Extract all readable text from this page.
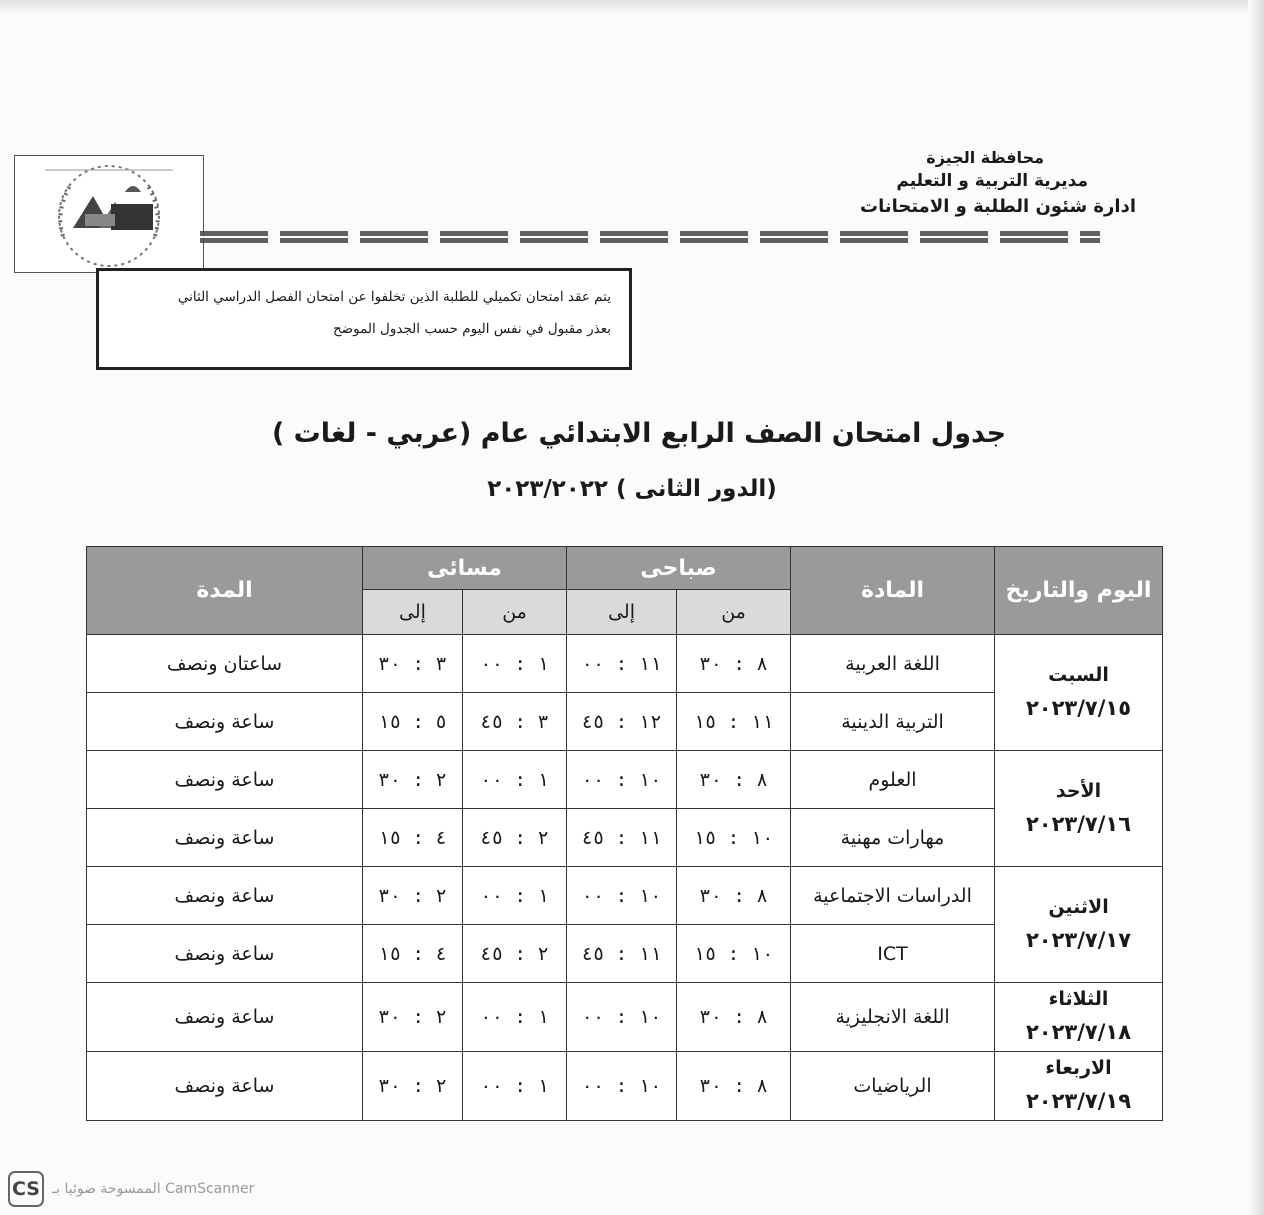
محافظة الجيزة
مديرية التربية و التعليم
ادارة شئون الطلبة و الامتحانات
يتم عقد امتحان تكميلي للطلبة الذين تخلفوا عن امتحان الفصل الدراسي الثاني
بعذر مقبول في نفس اليوم حسب الجدول الموضح
جدول امتحان الصف الرابع الابتدائي عام (عربي - لغات )
(الدور الثانى ) ٢٠٢٣/٢٠٢٢
اليوم والتاريخ	المادة	صباحى		مسائى		المدة
		من	إلى	من	إلى	

السبت
٢٠٢٣/٧/١٥	اللغة العربية	٨ : ٣٠	١١ : ٠٠	١ : ٠٠	٣ : ٣٠	ساعتان ونصف
	التربية الدينية	١١ : ١٥	١٢ : ٤٥	٣ : ٤٥	٥ : ١٥	ساعة ونصف

الأحد
٢٠٢٣/٧/١٦	العلوم	٨ : ٣٠	١٠ : ٠٠	١ : ٠٠	٢ : ٣٠	ساعة ونصف
	مهارات مهنية	١٠ : ١٥	١١ : ٤٥	٢ : ٤٥	٤ : ١٥	ساعة ونصف

الاثنين
٢٠٢٣/٧/١٧	الدراسات الاجتماعية	٨ : ٣٠	١٠ : ٠٠	١ : ٠٠	٢ : ٣٠	ساعة ونصف
	ICT	١٠ : ١٥	١١ : ٤٥	٢ : ٤٥	٤ : ١٥	ساعة ونصف

الثلاثاء
٢٠٢٣/٧/١٨	اللغة الانجليزية	٨ : ٣٠	١٠ : ٠٠	١ : ٠٠	٢ : ٣٠	ساعة ونصف

الاربعاء
٢٠٢٣/٧/١٩	الرياضيات	٨ : ٣٠	١٠ : ٠٠	١ : ٠٠	٢ : ٣٠	ساعة ونصف
CS الممسوحة ضوئيا بـ CamScanner
